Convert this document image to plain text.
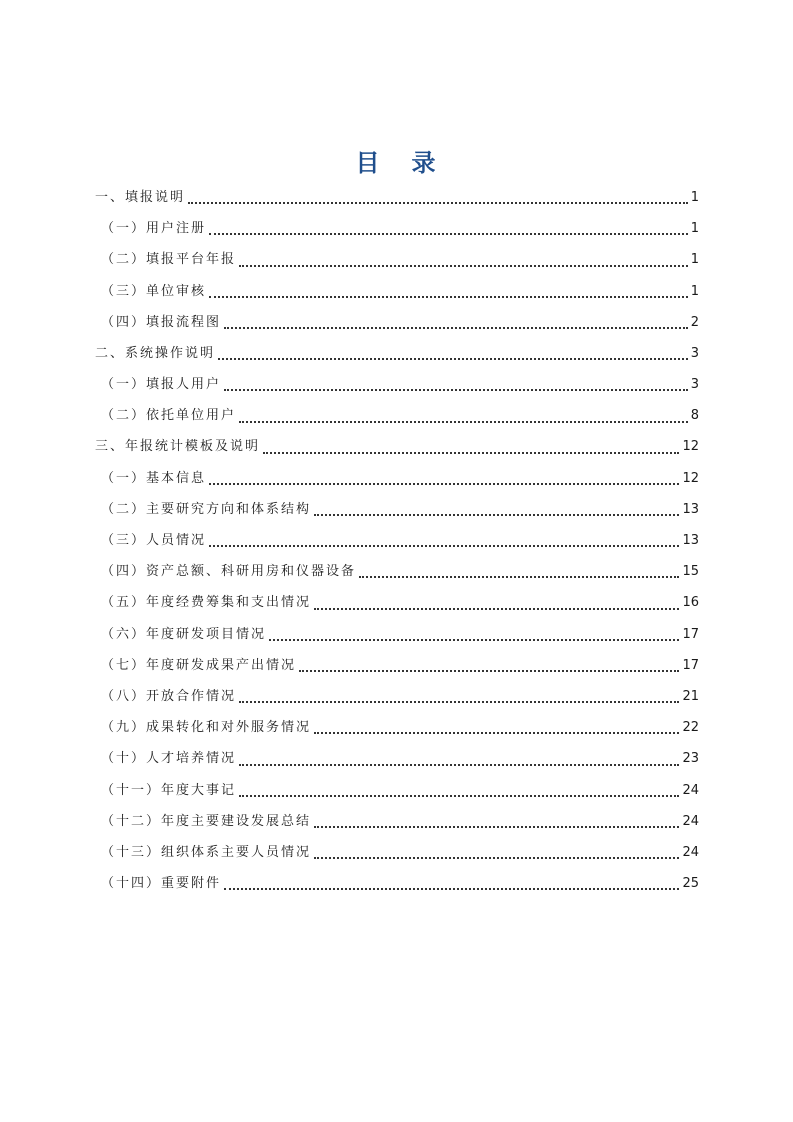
目 录
一、填报说明	1
（一）用户注册	1
（二）填报平台年报	1
（三）单位审核	1
（四）填报流程图	2
二、系统操作说明	3
（一）填报人用户	3
（二）依托单位用户	8
三、年报统计模板及说明	12
（一）基本信息	12
（二）主要研究方向和体系结构	13
（三）人员情况	13
（四）资产总额、科研用房和仪器设备	15
（五）年度经费筹集和支出情况	16
（六）年度研发项目情况	17
（七）年度研发成果产出情况	17
（八）开放合作情况	21
（九）成果转化和对外服务情况	22
（十）人才培养情况	23
（十一）年度大事记	24
（十二）年度主要建设发展总结	24
（十三）组织体系主要人员情况	24
（十四）重要附件	25
